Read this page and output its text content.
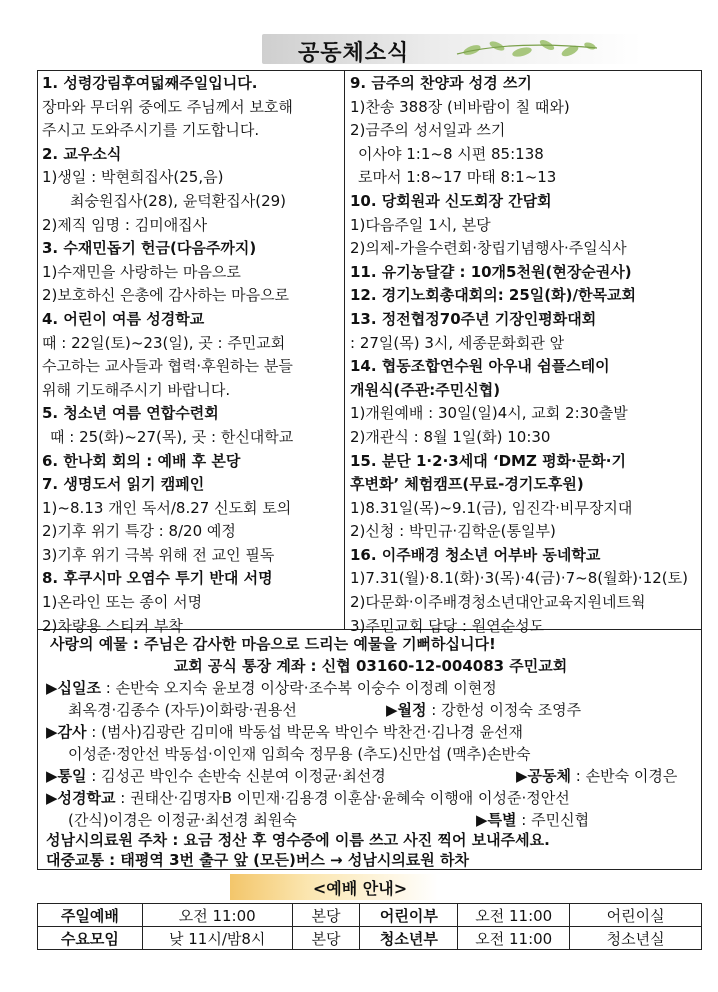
공동체소식
1. 성령강림후여덟째주일입니다.
장마와 무더위 중에도 주님께서 보호해
주시고 도와주시기를 기도합니다.
2. 교우소식
1)생일 : 박현희집사(25,음)
최숭원집사(28), 윤덕환집사(29)
2)제직 임명 : 김미애집사
3. 수재민돕기 헌금(다음주까지)
1)수재민을 사랑하는 마음으로
2)보호하신 은총에 감사하는 마음으로
4. 어린이 여름 성경학교
때 : 22일(토)~23(일), 곳 : 주민교회
수고하는 교사들과 협력·후원하는 분들
위해 기도해주시기 바랍니다.
5. 청소년 여름 연합수련회
때 : 25(화)~27(목), 곳 : 한신대학교
6. 한나회 회의 : 예배 후 본당
7. 생명도서 읽기 캠페인
1)~8.13 개인 독서/8.27 신도회 토의
2)기후 위기 특강 : 8/20 예정
3)기후 위기 극복 위해 전 교인 필독
8. 후쿠시마 오염수 투기 반대 서명
1)온라인 또는 종이 서명
2)차량용 스티커 부착
9. 금주의 찬양과 성경 쓰기
1)찬송 388장 (비바람이 칠 때와)
2)금주의 성서일과 쓰기
이사야 1:1~8 시편 85:138
로마서 1:8~17 마태 8:1~13
10. 당회원과 신도회장 간담회
1)다음주일 1시, 본당
2)의제-가을수련회·창립기념행사·주일식사
11. 유기농달걀 : 10개5천원(현장순권사)
12. 경기노회총대회의: 25일(화)/한목교회
13. 정전협정70주년 기장인평화대회
: 27일(목) 3시, 세종문화회관 앞
14. 협동조합연수원 아우내 쉼플스테이
개원식(주관:주민신협)
1)개원예배 : 30일(일)4시, 교회 2:30출발
2)개관식 : 8월 1일(화) 10:30
15. 분단 1·2·3세대 ‘DMZ 평화·문화·기
후변화’ 체험캠프(무료-경기도후원)
1)8.31일(목)~9.1(금), 임진각·비무장지대
2)신청 : 박민규·김학운(통일부)
16. 이주배경 청소년 어부바 동네학교
1)7.31(월)·8.1(화)·3(목)·4(금)·7~8(월화)·12(토)
2)다문화·이주배경청소년대안교육지원네트웍
3)주민교회 담당 : 원연순성도
사랑의 예물 : 주님은 감사한 마음으로 드리는 예물을 기뻐하십니다!
교회 공식 통장 계좌 : 신협 03160-12-004083 주민교회
▶십일조 : 손반숙 오지숙 윤보경 이상락·조수복 이숭수 이정례 이현정
최옥경·김종수 (자두)이화랑·권용선	▶월정 : 강한성 이정숙 조영주
▶감사 : (범사)김광란 김미애 박동섭 박문옥 박인수 박찬건·김나경 윤선재
이성준·정안선 박동섭·이인재 임희숙 정무용 (추도)신만섭 (맥추)손반숙
▶통일 : 김성곤 박인수 손반숙 신분여 이정균·최선경	▶공동체 : 손반숙 이경은
▶성경학교 : 권태산·김명자B 이민재·김용경 이훈삼·윤혜숙 이행애 이성준·정안선
(간식)이경은 이정균·최선경 최원숙	▶특별 : 주민신협
성남시의료원 주차 : 요금 정산 후 영수증에 이름 쓰고 사진 찍어 보내주세요.
대중교통 : 태평역 3번 출구 앞 (모든)버스 → 성남시의료원 하차
<예배 안내>
주일예배	오전 11:00	본당	어린이부	오전 11:00	어린이실
수요모임	낮 11시/밤8시	본당	청소년부	오전 11:00	청소년실
